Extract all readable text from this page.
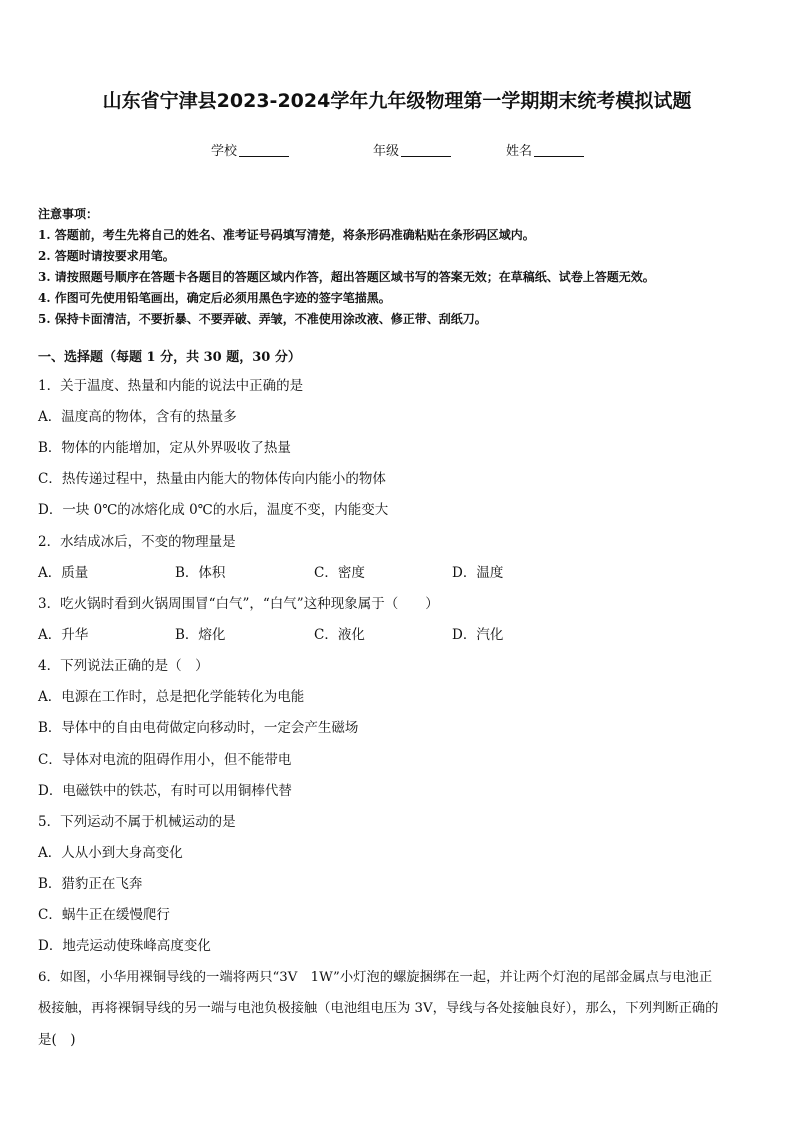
山东省宁津县2023-2024学年九年级物理第一学期期末统考模拟试题
学校	年级	姓名
注意事项：
1. 答题前，考生先将自己的姓名、准考证号码填写清楚，将条形码准确粘贴在条形码区域内。
2. 答题时请按要求用笔。
3. 请按照题号顺序在答题卡各题目的答题区域内作答，超出答题区域书写的答案无效；在草稿纸、试卷上答题无效。
4. 作图可先使用铅笔画出，确定后必须用黑色字迹的签字笔描黑。
5. 保持卡面清洁，不要折暴、不要弄破、弄皱，不准使用涂改液、修正带、刮纸刀。
一、选择题（每题 1 分，共 30 题，30 分）
1．关于温度、热量和内能的说法中正确的是
A．温度高的物体，含有的热量多
B．物体的内能增加，定从外界吸收了热量
C．热传递过程中，热量由内能大的物体传向内能小的物体
D．一块 0℃的冰熔化成 0℃的水后，温度不变，内能变大
2．水结成冰后，不变的物理量是
A．质量	B．体积	C．密度	D．温度
3．吃火锅时看到火锅周围冒“白气”，“白气”这种现象属于（　　）
A．升华	B．熔化	C．液化	D．汽化
4．下列说法正确的是（　）
A．电源在工作时，总是把化学能转化为电能
B．导体中的自由电荷做定向移动时，一定会产生磁场
C．导体对电流的阻碍作用小，但不能带电
D．电磁铁中的铁芯，有时可以用铜棒代替
5．下列运动不属于机械运动的是
A．人从小到大身高变化
B．猎豹正在飞奔
C．蜗牛正在缓慢爬行
D．地壳运动使珠峰高度变化
6．如图，小华用裸铜导线的一端将两只“3V　1W”小灯泡的螺旋捆绑在一起，并让两个灯泡的尾部金属点与电池正
极接触，再将裸铜导线的另一端与电池负极接触（电池组电压为 3V，导线与各处接触良好），那么，下列判断正确的
是(　)
